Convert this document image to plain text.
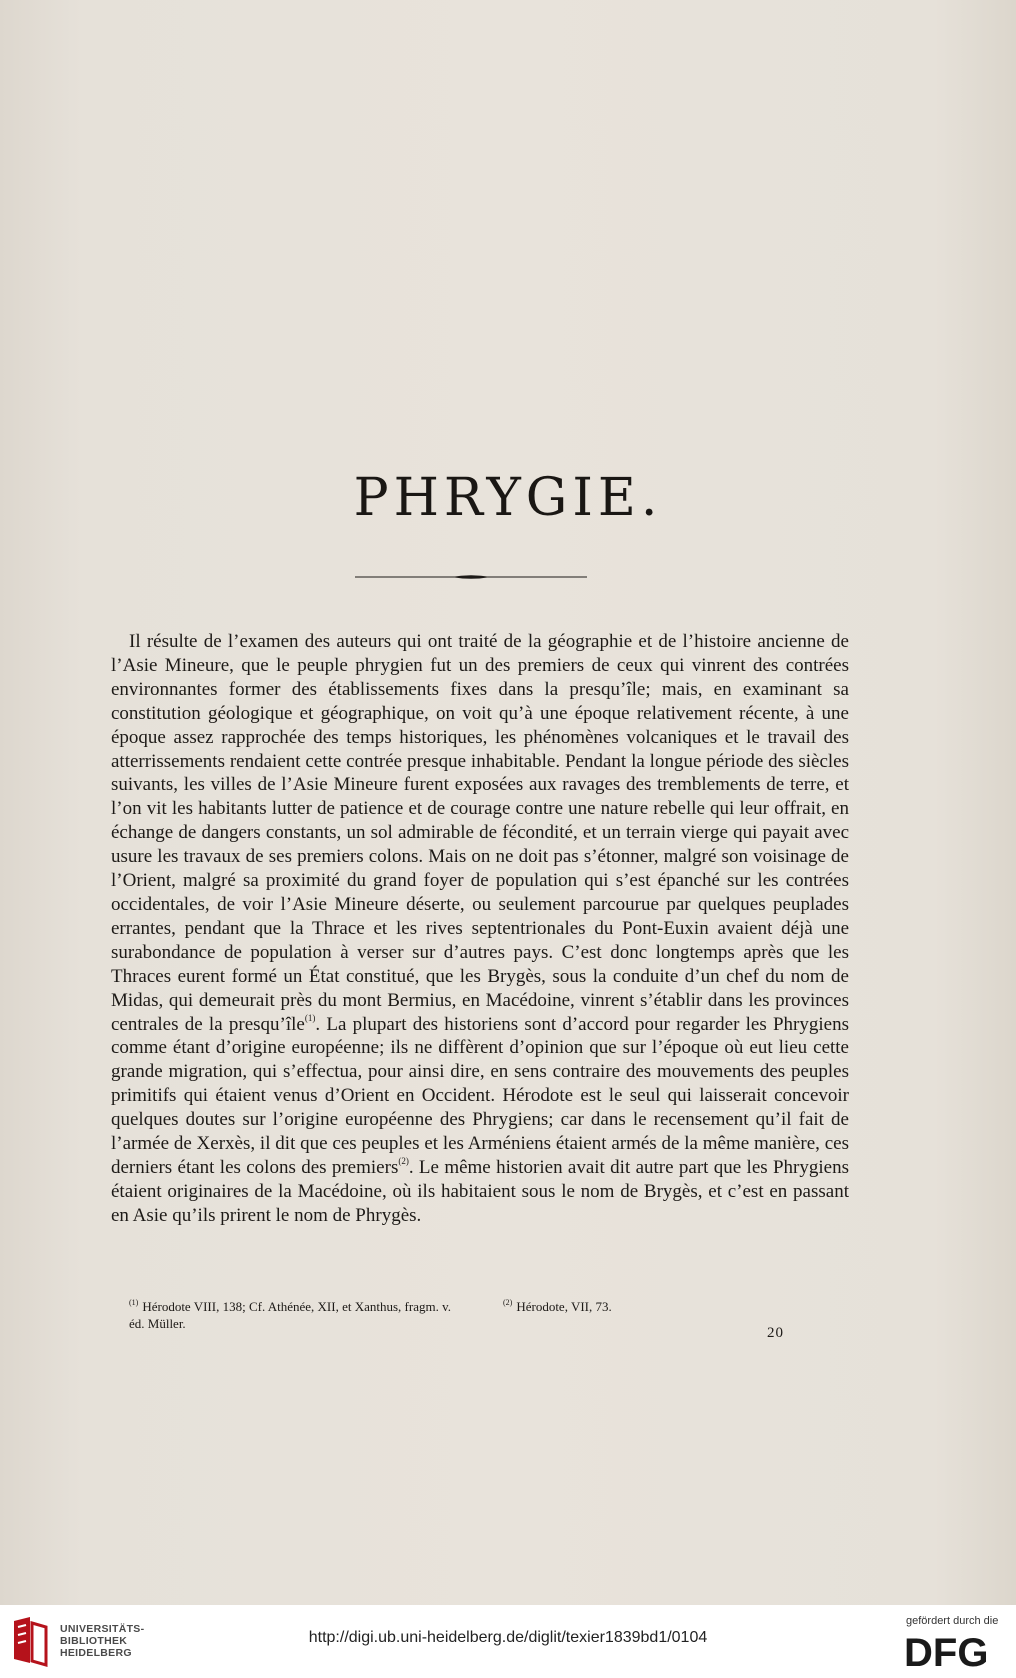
PHRYGIE.

Il résulte de l’examen des auteurs qui ont traité de la géographie et de l’histoire ancienne de l’Asie Mineure, que le peuple phrygien fut un des premiers de ceux qui vinrent des contrées environnantes former des établissements fixes dans la presqu’île; mais, en examinant sa constitution géologique et géographique, on voit qu’à une époque relativement récente, à une époque assez rapprochée des temps historiques, les phénomènes volcaniques et le travail des atterrissements rendaient cette contrée presque inhabitable. Pendant la longue période des siècles suivants, les villes de l’Asie Mineure furent exposées aux ravages des tremblements de terre, et l’on vit les habitants lutter de patience et de courage contre une nature rebelle qui leur offrait, en échange de dangers constants, un sol admirable de fécondité, et un terrain vierge qui payait avec usure les travaux de ses premiers colons. Mais on ne doit pas s’étonner, malgré son voisinage de l’Orient, malgré sa proximité du grand foyer de population qui s’est épanché sur les contrées occidentales, de voir l’Asie Mineure déserte, ou seulement parcourue par quelques peuplades errantes, pendant que la Thrace et les rives septentrionales du Pont-Euxin avaient déjà une surabondance de population à verser sur d’autres pays. C’est donc longtemps après que les Thraces eurent formé un État constitué, que les Brygès, sous la conduite d’un chef du nom de Midas, qui demeurait près du mont Bermius, en Macédoine, vinrent s’établir dans les provinces centrales de la presqu’île$^{(1)}$. La plupart des historiens sont d’accord pour regarder les Phrygiens comme étant d’origine européenne; ils ne diffèrent d’opinion que sur l’époque où eut lieu cette grande migration, qui s’effectua, pour ainsi dire, en sens contraire des mouvements des peuples primitifs qui étaient venus d’Orient en Occident. Hérodote est le seul qui laisserait concevoir quelques doutes sur l’origine européenne des Phrygiens; car dans le recensement qu’il fait de l’armée de Xerxès, il dit que ces peuples et les Arméniens étaient armés de la même manière, ces derniers étant les colons des premiers$^{(2)}$. Le même historien avait dit autre part que les Phrygiens étaient originaires de la Macédoine, où ils habitaient sous le nom de Brygès, et c’est en passant en Asie qu’ils prirent le nom de Phrygès.

$^{(1)}$ Hérodote VIII, 138; Cf. Athénée, XII, et Xanthus, fragm. v. éd. Müller.
$^{(2)}$ Hérodote, VII, 73.
20
UNIVERSITÄTS-
BIBLIOTHEK
HEIDELBERG
http://digi.ub.uni-heidelberg.de/diglit/texier1839bd1/0104
gefördert durch die
DFG
